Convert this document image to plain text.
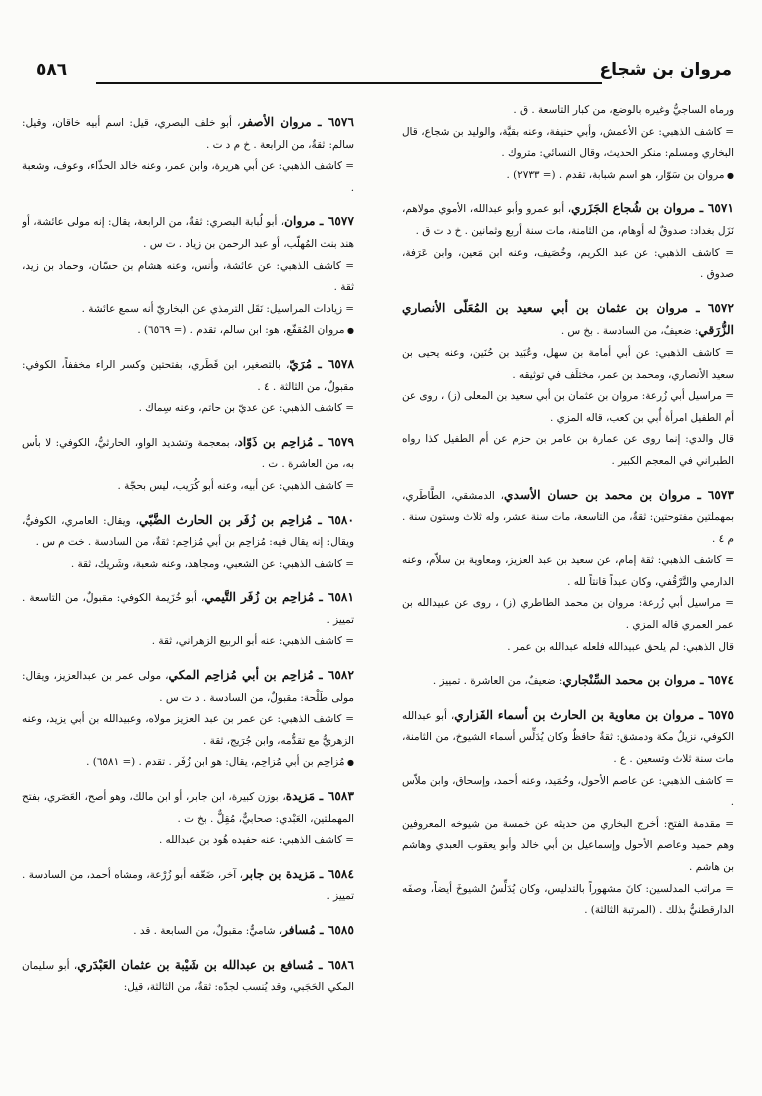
مروان بن شجاع
٥٨٦

ورماه الساجيُّ وغيره بالوضع، من كبار التاسعة . ق .

= كاشف الذهبي: عن الأعمش، وأبي حنيفة، وعنه بقيَّة، والوليد بن شجاع، قال البخاري ومسلم: منكر الحديث، وقال النسائي: متروك .

● مروان بن سَوّار، هو اسم شبابة، تقدم . (= ٢٧٣٣) .

٦٥٧١ ـ مروان بن شُجاع الجَزَري، أبو عمرو وأبو عبدالله، الأموي مولاهم، نَزَل بغداد: صدوقٌ له أوهام، من الثامنة، مات سنة أربع وثمانين . خ د ت ق .

= كاشف الذهبي: عن عبد الكريم، وخُصَيف، وعنه ابن مَعين، وابن عَرَفة، صدوق .

٦٥٧٢ ـ مروان بن عثمان بن أبي سعيد بن المُعَلّى الأنصاري الزُّرَقي: ضعيفٌ، من السادسة . بخ س .

= كاشف الذهبي: عن أبي أمامة بن سهل، وعُبَيد بن حُنَين، وعنه يحيى بن سعيد الأنصاري، ومحمد بن عمر، مختلَف في توثيقه .

= مراسيل أبي زُرعة: مروان بن عثمان بن أبي سعيد بن المعلى (ز) ، روى عن أم الطفيل امرأة أُبي بن كعب، قاله المزي .

قال والدي: إنما روى عن عمارة بن عامر بن حزم عن أم الطفيل كذا رواه الطبراني في المعجم الكبير .

٦٥٧٣ ـ مروان بن محمد بن حسان الأسدي، الدمشقي، الطَّاطَري، بمهملتين مفتوحتين: ثقةٌ، من التاسعة، مات سنة عشر، وله ثلاث وستون سنة . م ٤ .

= كاشف الذهبي: ثقة إمام، عن سعيد بن عبد العزيز، ومعاوية بن سلاّم، وعنه الدارمي والتَّرْقُفي، وكان عبداً قانتاً لله .

= مراسيل أبي زُرعة: مروان بن محمد الطاطري (ز) ، روى عن عبيدالله بن عمر العمري قاله المزي .

قال الذهبي: لم يلحق عبيدالله فلعله عبدالله بن عمر .

٦٥٧٤ ـ مروان بن محمد السِّنْجاري: ضعيفٌ، من العاشرة . تمييز .

٦٥٧٥ ـ مروان بن معاوية بن الحارث بن أسماء الفَزاري، أبو عبدالله الكوفي، نزيلُ مكة ودمشق: ثقةٌ حافظٌ وكان يُدَلِّس أسماء الشيوخ، من الثامنة، مات سنة ثلاث وتسعين . ع .

= كاشف الذهبي: عن عاصم الأحول، وحُمَيد، وعنه أحمد، وإسحاق، وابن ملاّس .

= مقدمة الفتح: أخرج البخاري من حديثه عن خمسة من شيوخه المعروفين وهم حميد وعاصم الأحول وإسماعيل بن أبي خالد وأبو يعقوب العبدي وهاشم بن هاشم .

= مراتب المدلسين: كانَ مشهوراً بالتدليس، وكان يُدَلِّسُ الشيوخَ أيضاً، وصفَه الدارقطنيُّ بذلك . (المرتبة الثالثة) .

٦٥٧٦ ـ مروان الأصفر، أبو خلف البصري، قيل: اسم أبيه خاقان، وقيل: سالم: ثقةٌ، من الرابعة . خ م د ت .

= كاشف الذهبي: عن أبي هريرة، وابن عمر، وعنه خالد الحذّاء، وعوف، وشعبة .

٦٥٧٧ ـ مروان، أبو لُبابة البصري: ثقةٌ، من الرابعة، يقال: إنه مولى عائشة، أو هند بنت المُهلّب، أو عبد الرحمن بن زياد . ت س .

= كاشف الذهبي: عن عائشة، وأنس، وعنه هشام بن حسّان، وحماد بن زيد، ثقة .

= زيادات المراسيل: نَقَل الترمذي عن البخاريّ أنه سمع عائشة .

● مروان المُقفّع، هو: ابن سالم، تقدم . (= ٦٥٦٩) .

٦٥٧٨ ـ مُرَيّ، بالتصغير، ابن قَطَري، بفتحتين وكسر الراء مخففاً، الكوفي: مقبولٌ، من الثالثة . ٤ .

= كاشف الذهبي: عن عديّ بن حاتم، وعنه سِماك .

٦٥٧٩ ـ مُزاحِم بن ذَوّاد، بمعجمة وتشديد الواو، الحارثيُّ، الكوفي: لا بأس به، من العاشرة . ت .

= كاشف الذهبي: عن أبيه، وعنه أبو كُرَيب، ليس بحجّة .

٦٥٨٠ ـ مُزاحِم بن زُفَر بن الحارث الضَّبّي، ويقال: العامري، الكوفيُّ، ويقال: إنه يقال فيه: مُزاحِم بن أبي مُزاحِم: ثقةٌ، من السادسة . خت م س .

= كاشف الذهبي: عن الشعبي، ومجاهد، وعنه شعبة، وشَريك، ثقة .

٦٥٨١ ـ مُزاحِم بن زُفَر التَّيمي، أبو خُزَيمة الكوفي: مقبولٌ، من التاسعة . تمييز .

= كاشف الذهبي: عنه أبو الربيع الزهراني، ثقة .

٦٥٨٢ ـ مُزاحِم بن أبي مُزاحِم المكي، مولى عمر بن عبدالعزيز، ويقال: مولى طَلْحة: مقبولٌ، من السادسة . د ت س .

= كاشف الذهبي: عن عمر بن عبد العزيز مولاه، وعبيدالله بن أبي يزيد، وعنه الزهريُّ مع تقدُّمه، وابن جُرَيج، ثقة .

● مُزاحِم بن أبي مُزاحِم، يقال: هو ابن زُفَر . تقدم . (= ٦٥٨١) .

٦٥٨٣ ـ مَزيدة، بوزن كبيرة، ابن جابر، أو ابن مالك، وهو أصح، العَصَري، بفتح المهملتين، العَبْدي: صحابيٌّ، مُقِلٌّ . بخ ت .

= كاشف الذهبي: عنه حفيده هُود بن عبدالله .

٦٥٨٤ ـ مَزيدة بن جابر، آخر، ضَعّفه أبو زُرْعة، ومشاه أحمد، من السادسة . تمييز .

٦٥٨٥ ـ مُسافر، شاميٌّ: مقبولٌ، من السابعة . قد .

٦٥٨٦ ـ مُسافع بن عبدالله بن شَيْبة بن عثمان العَبْدَري، أبو سليمان المكي الحَجَبي، وقد يُنسب لجدّه: ثقةٌ، من الثالثة، قيل:
